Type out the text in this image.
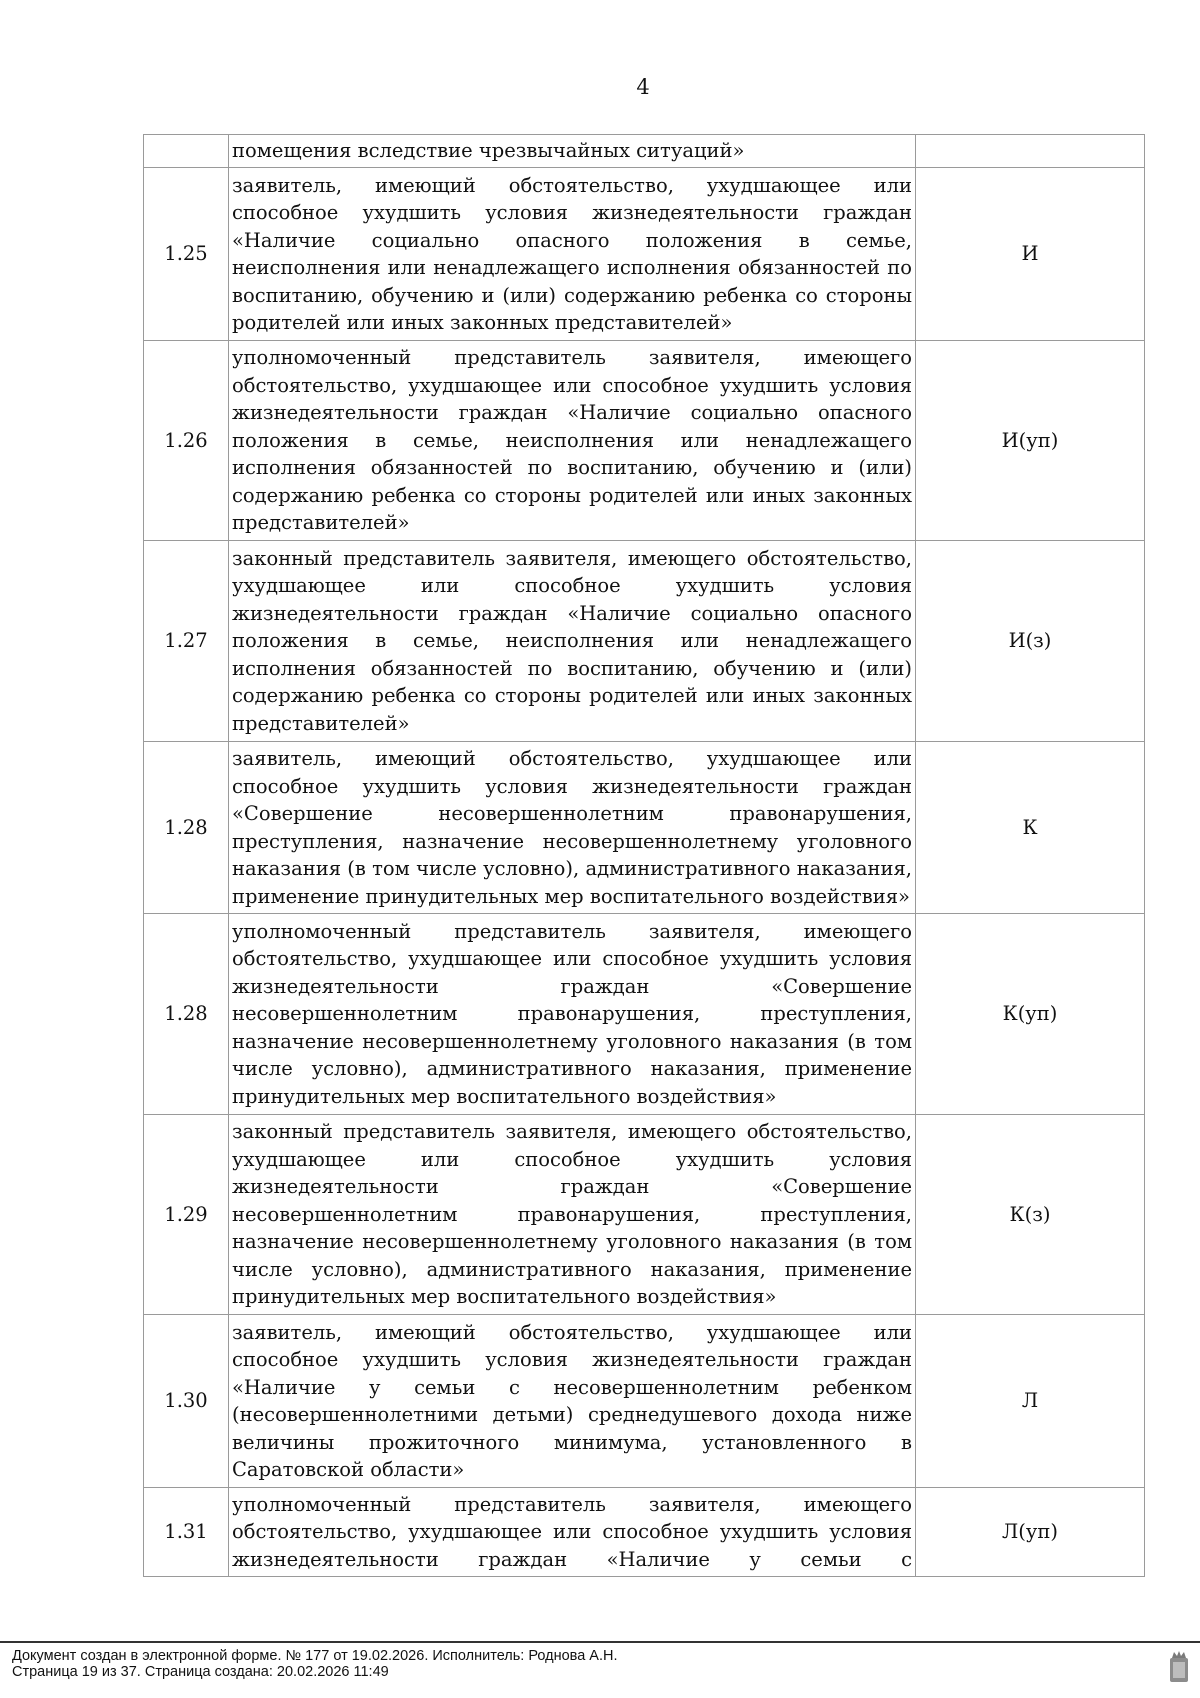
4
	помещения вследствие чрезвычайных ситуаций»	
1.25	заявитель, имеющий обстоятельство, ухудшающее или способное ухудшить условия жизнедеятельности граждан «Наличие социально опасного положения в семье, неисполнения или ненадлежащего исполнения обязанностей по воспитанию, обучению и (или) содержанию ребенка со стороны родителей или иных законных представителей»	И
1.26	уполномоченный представитель заявителя, имеющего обстоятельство, ухудшающее или способное ухудшить условия жизнедеятельности граждан «Наличие социально опасного положения в семье, неисполнения или ненадлежащего исполнения обязанностей по воспитанию, обучению и (или) содержанию ребенка со стороны родителей или иных законных представителей»	И(уп)
1.27	законный представитель заявителя, имеющего обстоятельство, ухудшающее или способное ухудшить условия жизнедеятельности граждан «Наличие социально опасного положения в семье, неисполнения или ненадлежащего исполнения обязанностей по воспитанию, обучению и (или) содержанию ребенка со стороны родителей или иных законных представителей»	И(з)
1.28	заявитель, имеющий обстоятельство, ухудшающее или способное ухудшить условия жизнедеятельности граждан «Совершение несовершеннолетним правонарушения, преступления, назначение несовершеннолетнему уголовного наказания (в том числе условно), административного наказания, применение принудительных мер воспитательного воздействия»	К
1.28	уполномоченный представитель заявителя, имеющего обстоятельство, ухудшающее или способное ухудшить условия жизнедеятельности граждан «Совершение несовершеннолетним правонарушения, преступления, назначение несовершеннолетнему уголовного наказания (в том числе условно), административного наказания, применение принудительных мер воспитательного воздействия»	К(уп)
1.29	законный представитель заявителя, имеющего обстоятельство, ухудшающее или способное ухудшить условия жизнедеятельности граждан «Совершение несовершеннолетним правонарушения, преступления, назначение несовершеннолетнему уголовного наказания (в том числе условно), административного наказания, применение принудительных мер воспитательного воздействия»	К(з)
1.30	заявитель, имеющий обстоятельство, ухудшающее или способное ухудшить условия жизнедеятельности граждан «Наличие у семьи с несовершеннолетним ребенком (несовершеннолетними детьми) среднедушевого дохода ниже величины прожиточного минимума, установленного в Саратовской области»	Л
1.31	уполномоченный представитель заявителя, имеющего обстоятельство, ухудшающее или способное ухудшить условия жизнедеятельности граждан «Наличие у семьи с	Л(уп)
Документ создан в электронной форме. № 177 от 19.02.2026. Исполнитель: Роднова А.Н.
Страница 19 из 37. Страница создана: 20.02.2026 11:49
